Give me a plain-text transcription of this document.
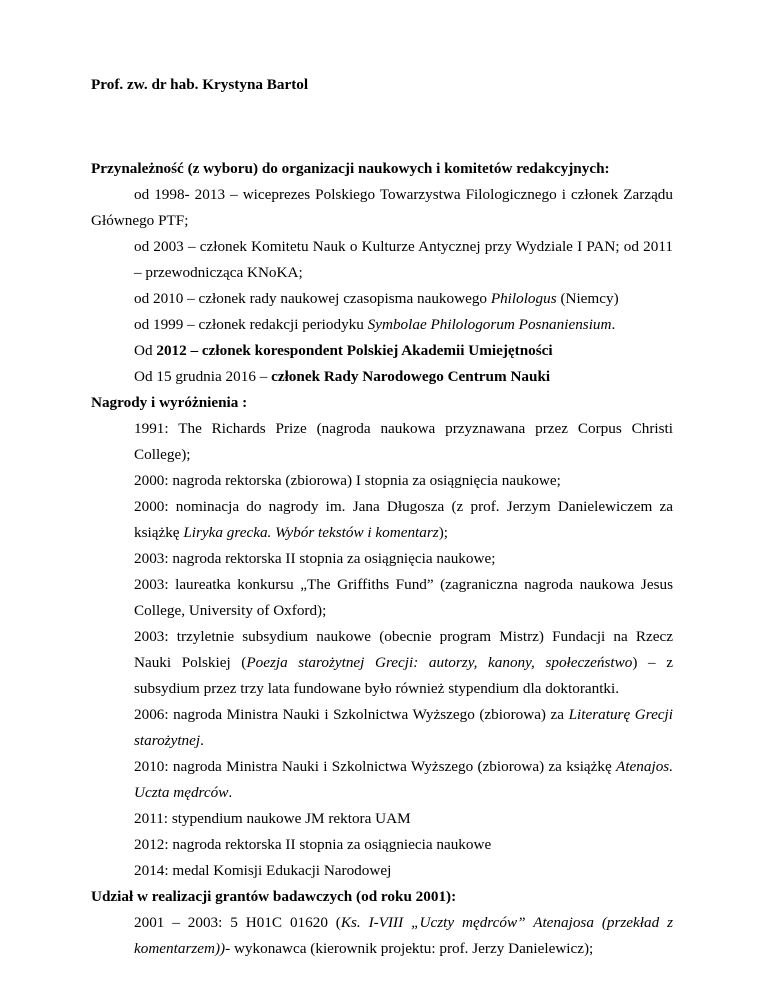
Prof. zw. dr hab. Krystyna Bartol

Przynależność (z wyboru) do organizacji naukowych i komitetów redakcyjnych:

od 1998- 2013 – wiceprezes Polskiego Towarzystwa Filologicznego i członek Zarządu Głównego PTF;

od 2003 – członek Komitetu Nauk o Kulturze Antycznej przy Wydziale I PAN; od 2011 – przewodnicząca KNoKA;

od 2010 – członek rady naukowej czasopisma naukowego Philologus (Niemcy)

od 1999 – członek redakcji periodyku Symbolae Philologorum Posnaniensium.

Od 2012 – członek korespondent Polskiej Akademii Umiejętności

Od 15 grudnia 2016 – członek Rady Narodowego Centrum Nauki

Nagrody i wyróżnienia :

1991: The Richards Prize (nagroda naukowa przyznawana przez Corpus Christi College);

2000: nagroda rektorska (zbiorowa) I stopnia za osiągnięcia naukowe;

2000: nominacja do nagrody im. Jana Długosza (z prof. Jerzym Danielewiczem za książkę Liryka grecka. Wybór tekstów i komentarz);

2003: nagroda rektorska II stopnia za osiągnięcia naukowe;

2003: laureatka konkursu „The Griffiths Fund” (zagraniczna nagroda naukowa Jesus College, University of Oxford);

2003: trzyletnie subsydium naukowe (obecnie program Mistrz) Fundacji na Rzecz Nauki Polskiej (Poezja starożytnej Grecji: autorzy, kanony, społeczeństwo) – z subsydium przez trzy lata fundowane było również stypendium dla doktorantki.

2006: nagroda Ministra Nauki i Szkolnictwa Wyższego (zbiorowa) za Literaturę Grecji starożytnej.

2010: nagroda Ministra Nauki i Szkolnictwa Wyższego (zbiorowa) za książkę Atenajos. Uczta mędrców.

2011: stypendium naukowe JM rektora UAM

2012: nagroda rektorska II stopnia za osiągniecia naukowe

2014: medal Komisji Edukacji Narodowej

Udział w realizacji grantów badawczych (od roku 2001):

2001 – 2003: 5 H01C 01620 (Ks. I-VIII „Uczty mędrców” Atenajosa (przekład z komentarzem))- wykonawca (kierownik projektu: prof. Jerzy Danielewicz);
